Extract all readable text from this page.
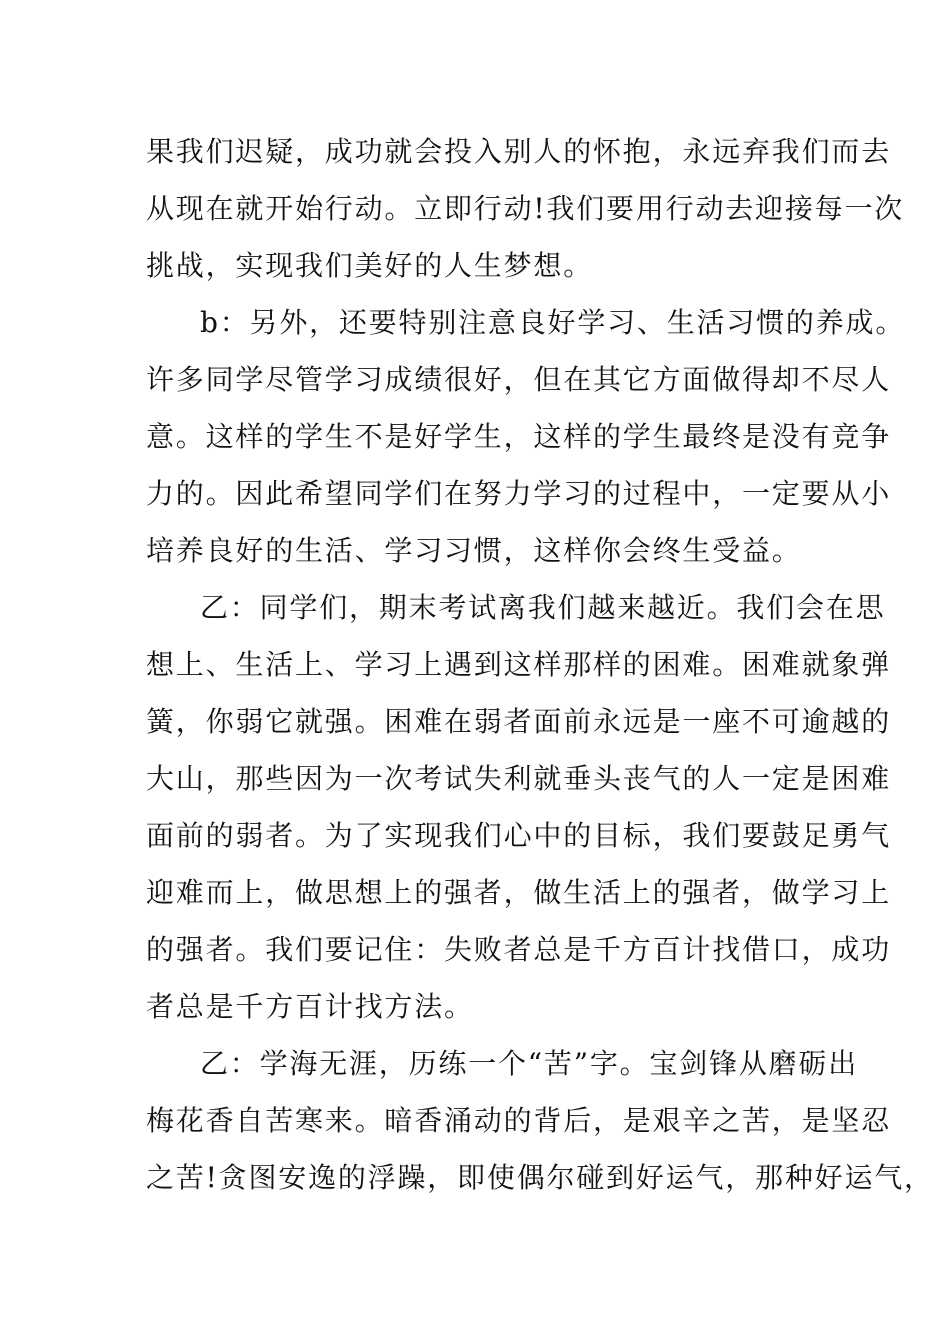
果我们迟疑，成功就会投入别人的怀抱，永远弃我们而去
从现在就开始行动。立即行动!我们要用行动去迎接每一次
挑战，实现我们美好的人生梦想。
b：另外，还要特别注意良好学习、生活习惯的养成。
许多同学尽管学习成绩很好，但在其它方面做得却不尽人
意。这样的学生不是好学生，这样的学生最终是没有竞争
力的。因此希望同学们在努力学习的过程中，一定要从小
培养良好的生活、学习习惯，这样你会终生受益。
乙：同学们，期末考试离我们越来越近。我们会在思
想上、生活上、学习上遇到这样那样的困难。困难就象弹
簧，你弱它就强。困难在弱者面前永远是一座不可逾越的
大山，那些因为一次考试失利就垂头丧气的人一定是困难
面前的弱者。为了实现我们心中的目标，我们要鼓足勇气
迎难而上，做思想上的强者，做生活上的强者，做学习上
的强者。我们要记住：失败者总是千方百计找借口，成功
者总是千方百计找方法。
乙：学海无涯，历练一个“苦”字。宝剑锋从磨砺出
梅花香自苦寒来。暗香涌动的背后，是艰辛之苦，是坚忍
之苦!贪图安逸的浮躁，即使偶尔碰到好运气，那种好运气，
